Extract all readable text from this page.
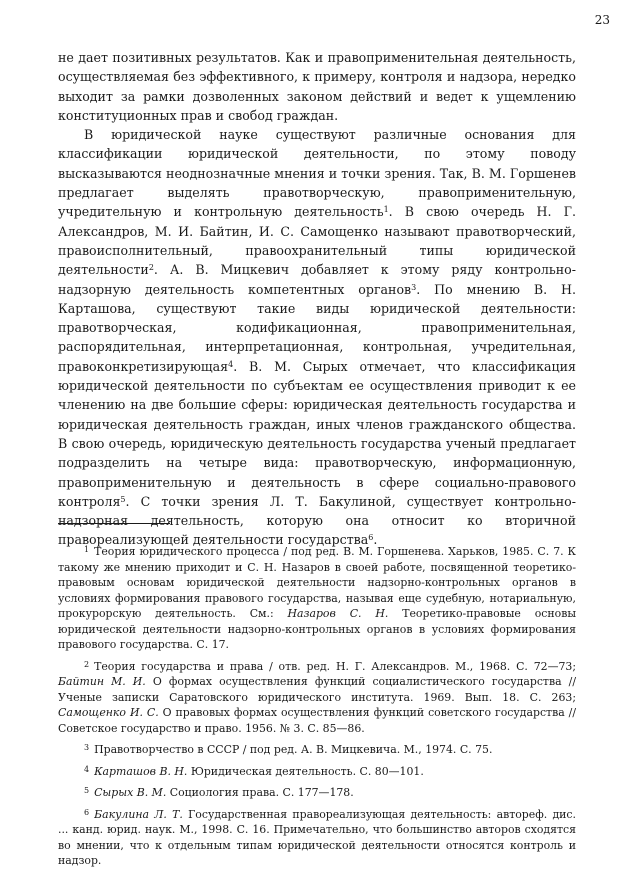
23

не дает позитивных результатов. Как и правоприменительная деятельность, осуществляемая без эффективного, к примеру, контроля и надзора, нередко выходит за рамки дозволенных законом действий и ведет к ущемлению конституционных прав и свобод граждан.

В юридической науке существуют различные основания для классификации юридической деятельности, по этому поводу высказываются неоднозначные мнения и точки зрения. Так, В. М. Горшенев предлагает выделять правотворческую, правоприменительную, учредительную и контрольную деятельность$^1$. В свою очередь Н. Г. Александров, М. И. Байтин, И. С. Самощенко называют правотворческий, правоисполнительный, правоохранительный типы юридической деятельности$^2$. А. В. Мицкевич добавляет к этому ряду контрольно-надзорную деятельность компетентных органов$^3$. По мнению В. Н. Карташова, существуют такие виды юридической деятельности: правотворческая, кодификационная, правоприменительная, распорядительная, интерпретационная, контрольная, учредительная, правоконкретизирующая$^4$. В. М. Сырых отмечает, что классификация юридической деятельности по субъектам ее осуществления приводит к ее членению на две большие сферы: юридическая деятельность государства и юридическая деятельность граждан, иных членов гражданского общества. В свою очередь, юридическую деятельность государства ученый предлагает подразделить на четыре вида: правотворческую, информационную, правоприменительную и деятельность в сфере социально-правового контроля$^5$. С точки зрения Л. Т. Бакулиной, существует контрольно-надзорная деятельность, которую она относит ко вторичной правореализующей деятельности государства$^6$.

$^1$ Теория юридического процесса / под ред. В. М. Горшенева. Харьков, 1985. С. 7. К такому же мнению приходит и С. Н. Назаров в своей работе, посвященной теоретико-правовым основам юридической деятельности надзорно-контрольных органов в условиях формирования правового государства, называя еще судебную, нотариальную, прокурорскую деятельность. См.: Назаров С. Н. Теоретико-правовые основы юридической деятельности надзорно-контрольных органов в условиях формирования правового государства. С. 17.

$^2$ Теория государства и права / отв. ред. Н. Г. Александров. М., 1968. С. 72—73; Байтин М. И. О формах осуществления функций социалистического государства // Ученые записки Саратовского юридического института. 1969. Вып. 18. С. 263; Самощенко И. С. О правовых формах осуществления функций советского государства // Советское государство и право. 1956. № 3. С. 85—86.

$^3$ Правотворчество в СССР / под ред. А. В. Мицкевича. М., 1974. С. 75.

$^4$ Карташов В. Н. Юридическая деятельность. С. 80—101.

$^5$ Сырых В. М. Социология права. С. 177—178.

$^6$ Бакулина Л. Т. Государственная правореализующая деятельность: автореф. дис. ... канд. юрид. наук. М., 1998. С. 16. Примечательно, что большинство авторов сходятся во мнении, что к отдельным типам юридической деятельности относятся контроль и надзор.
